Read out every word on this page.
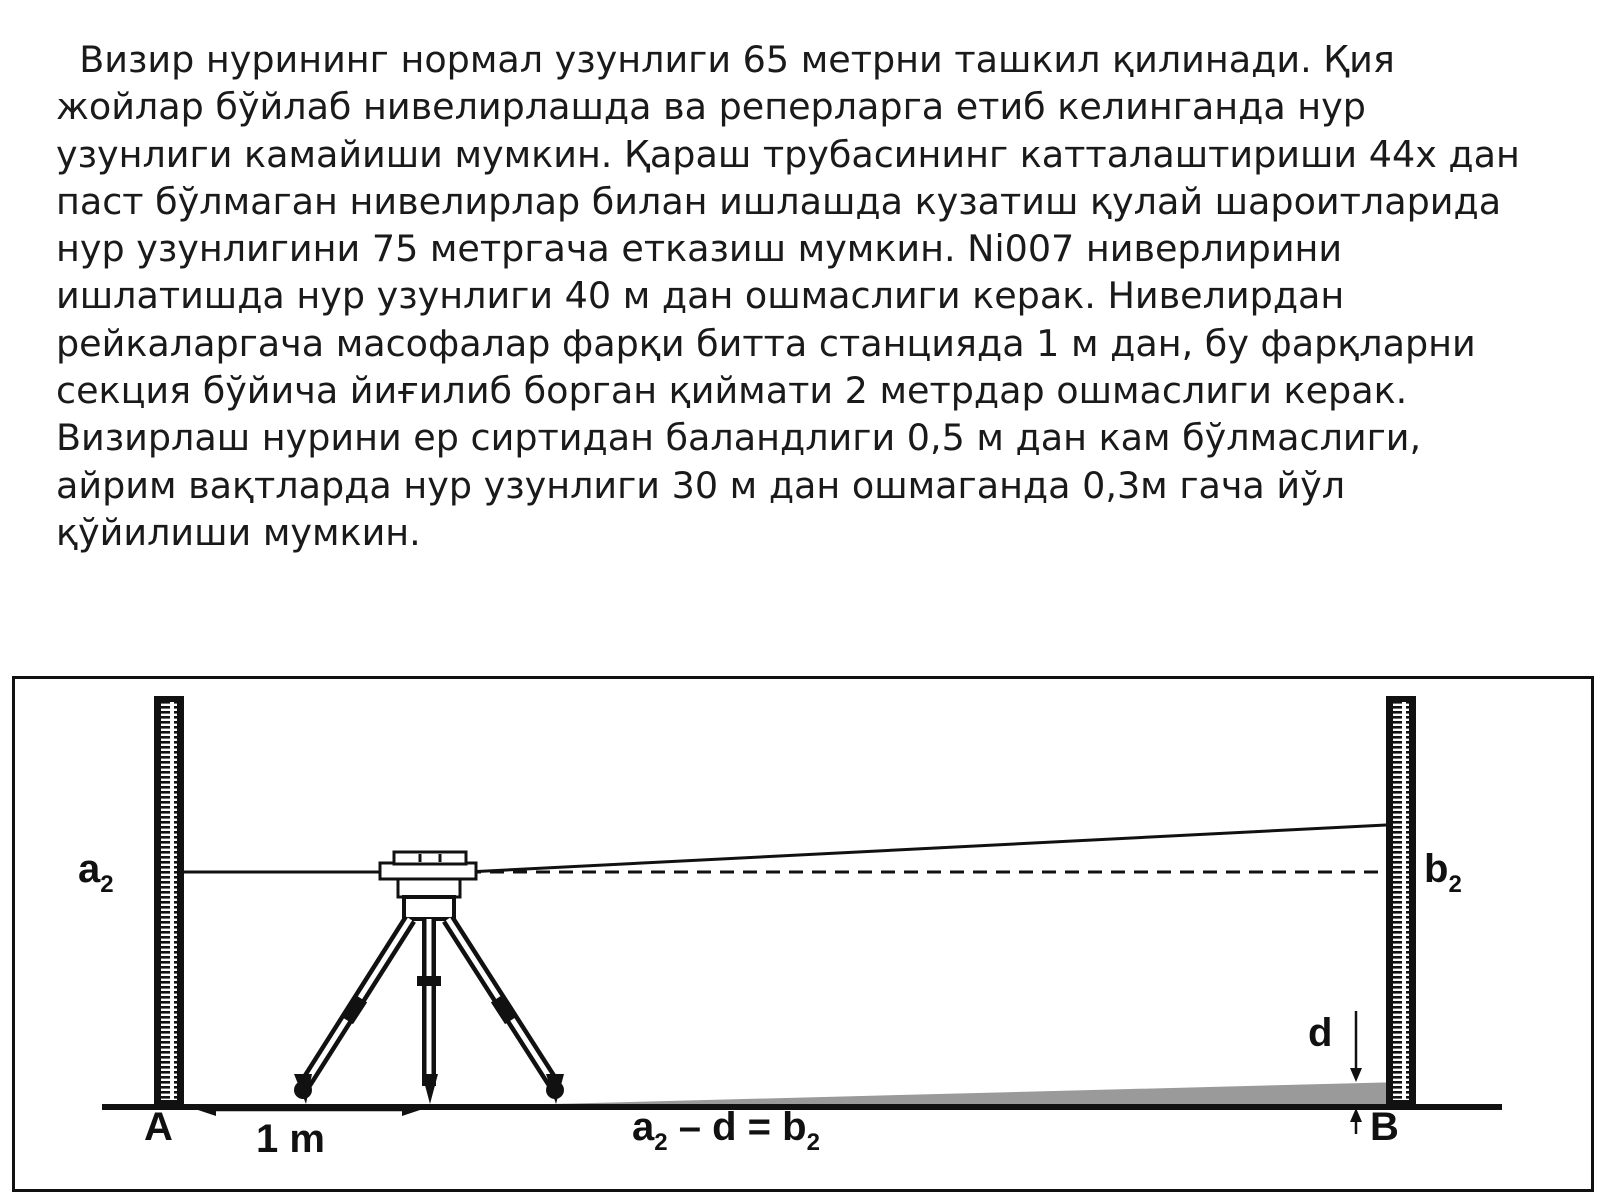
Визир нурининг нормал узунлиги 65 метрни ташкил қилинади. Қия
жойлар бўйлаб нивелирлашда ва реперларга етиб келинганда нур
узунлиги камайиши мумкин. Қараш трубасининг катталаштириши 44х дан
паст бўлмаган нивелирлар билан ишлашда кузатиш қулай шароитларида
нур узунлигини 75 метргача етказиш мумкин. Ni007 ниверлирини
ишлатишда нур узунлиги 40 м дан ошмаслиги керак. Нивелирдан
рейкаларгача масофалар фарқи битта станцияда 1 м дан, бу фарқларни
секция бўйича йиғилиб борган қиймати 2 метрдар ошмаслиги керак.
Визирлаш нурини ер сиртидан баландлиги 0,5 м дан кам бўлмаслиги,
айрим вақтларда нур узунлиги 30 м дан ошмаганда 0,3м гача йўл
қўйилиши мумкин.

$a_2$	$b_2$
d
A	B
1 m	$a_2 - d = b_2$
